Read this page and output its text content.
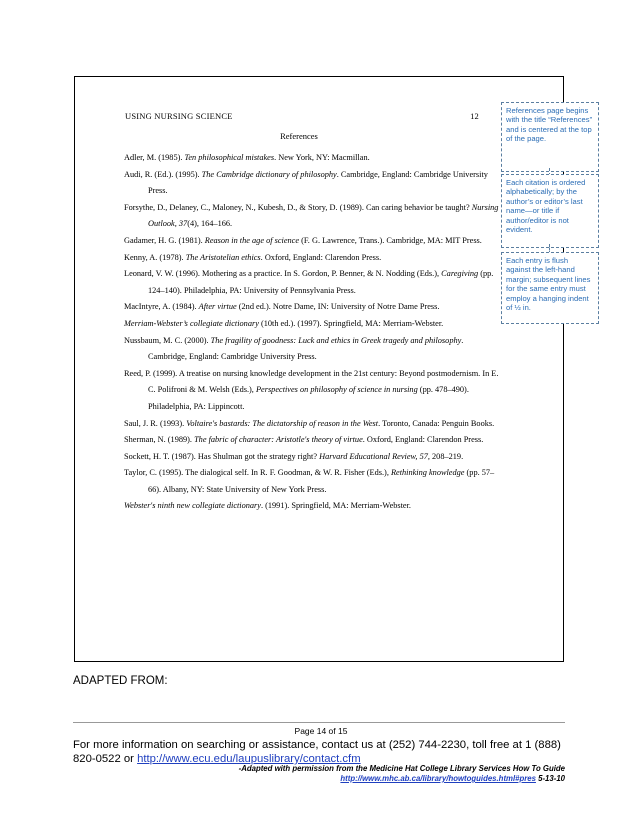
USING NURSING SCIENCE	12
References
Adler, M. (1985). Ten philosophical mistakes. New York, NY: Macmillan.
Audi, R. (Ed.). (1995). The Cambridge dictionary of philosophy. Cambridge, England: Cambridge University Press.
Forsythe, D., Delaney, C., Maloney, N., Kubesh, D., & Story, D. (1989). Can caring behavior be taught? Nursing Outlook, 37(4), 164–166.
Gadamer, H. G. (1981). Reason in the age of science (F. G. Lawrence, Trans.). Cambridge, MA: MIT Press.
Kenny, A. (1978). The Aristotelian ethics. Oxford, England: Clarendon Press.
Leonard, V. W. (1996). Mothering as a practice. In S. Gordon, P. Benner, & N. Nodding (Eds.), Caregiving (pp. 124–140). Philadelphia, PA: University of Pennsylvania Press.
MacIntyre, A. (1984). After virtue (2nd ed.). Notre Dame, IN: University of Notre Dame Press.
Merriam-Webster’s collegiate dictionary (10th ed.). (1997). Springfield, MA: Merriam-Webster.
Nussbaum, M. C. (2000). The fragility of goodness: Luck and ethics in Greek tragedy and philosophy. Cambridge, England: Cambridge University Press.
Reed, P. (1999). A treatise on nursing knowledge development in the 21st century: Beyond postmodernism. In E. C. Polifroni & M. Welsh (Eds.), Perspectives on philosophy of science in nursing (pp. 478–490). Philadelphia, PA: Lippincott.
Saul, J. R. (1993). Voltaire's bastards: The dictatorship of reason in the West. Toronto, Canada: Penguin Books.
Sherman, N. (1989). The fabric of character: Aristotle's theory of virtue. Oxford, England: Clarendon Press.
Sockett, H. T. (1987). Has Shulman got the strategy right? Harvard Educational Review, 57, 208–219.
Taylor, C. (1995). The dialogical self. In R. F. Goodman, & W. R. Fisher (Eds.), Rethinking knowledge (pp. 57–66). Albany, NY: State University of New York Press.
Webster's ninth new collegiate dictionary. (1991). Springfield, MA: Merriam-Webster.
References page begins with the title “References” and is centered at the top of the page.
Each citation is ordered alphabetically; by the author’s or editor’s last name—or title if author/editor is not evident.
Each entry is flush against the left-hand margin; subsequent lines for the same entry must employ a hanging indent of ½ in.
ADAPTED FROM:
Page 14 of 15
For more information on searching or assistance, contact us at (252) 744-2230, toll free at 1 (888) 820-0522 or http://www.ecu.edu/laupuslibrary/contact.cfm
-Adapted with permission from the Medicine Hat College Library Services How To Guide
http://www.mhc.ab.ca/library/howtoguides.html#pres 5-13-10
